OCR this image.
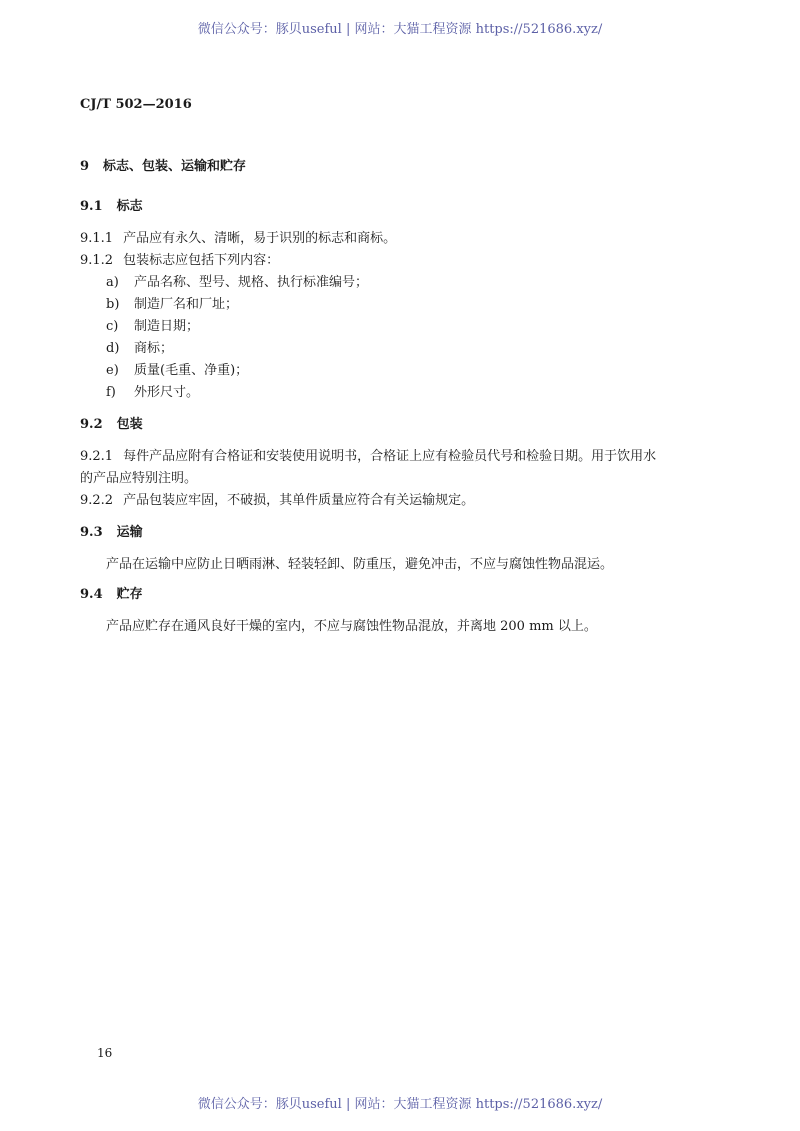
微信公众号：豚贝useful | 网站：大猫工程资源 https://521686.xyz/
CJ/T 502—2016
9 标志、包装、运输和贮存
9.1 标志
9.1.1 产品应有永久、清晰，易于识别的标志和商标。
9.1.2 包装标志应包括下列内容：
a) 产品名称、型号、规格、执行标准编号；
b) 制造厂名和厂址；
c) 制造日期；
d) 商标；
e) 质量(毛重、净重)；
f) 外形尺寸。
9.2 包装
9.2.1 每件产品应附有合格证和安装使用说明书，合格证上应有检验员代号和检验日期。用于饮用水
的产品应特别注明。
9.2.2 产品包装应牢固，不破损，其单件质量应符合有关运输规定。
9.3 运输
产品在运输中应防止日晒雨淋、轻装轻卸、防重压，避免冲击，不应与腐蚀性物品混运。
9.4 贮存
产品应贮存在通风良好干燥的室内，不应与腐蚀性物品混放，并离地 200 mm 以上。
16
微信公众号：豚贝useful | 网站：大猫工程资源 https://521686.xyz/
